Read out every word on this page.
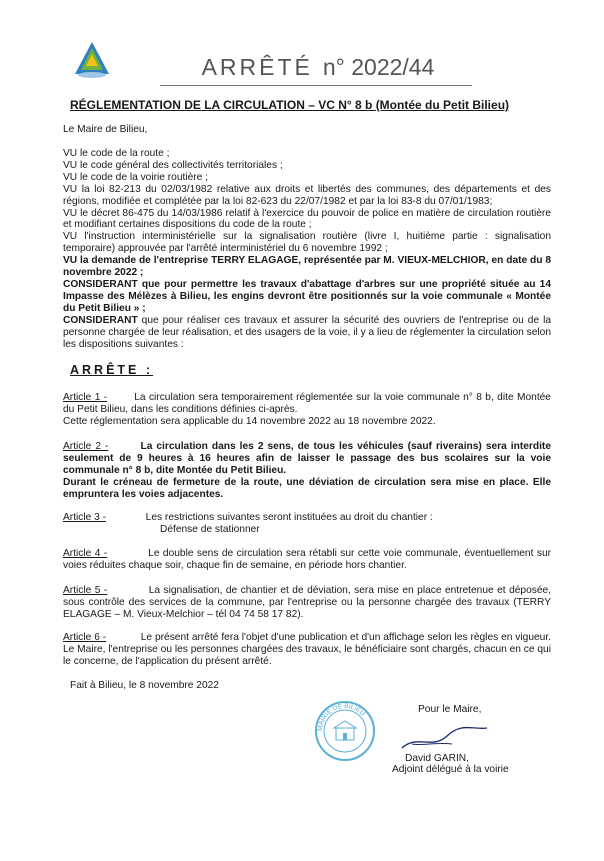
ARRÊTÉ n° 2022/44
RÉGLEMENTATION DE LA CIRCULATION – VC N° 8 b (Montée du Petit Bilieu)
Le Maire de Bilieu,
VU le code de la route ;
VU le code général des collectivités territoriales ;
VU le code de la voirie routière ;
VU la loi 82-213 du 02/03/1982 relative aux droits et libertés des communes, des départements et des régions, modifiée et complétée par la loi 82-623 du 22/07/1982 et par la loi 83-8 du 07/01/1983;
VU le décret 86-475 du 14/03/1986 relatif à l'exercice du pouvoir de police en matière de circulation routière et modifiant certaines dispositions du code de la route ;
VU l'instruction interministérielle sur la signalisation routière (livre I, huitième partie : signalisation temporaire) approuvée par l'arrêté interministériel du 6 novembre 1992 ;
VU la demande de l'entreprise TERRY ELAGAGE, représentée par M. VIEUX-MELCHIOR, en date du 8 novembre 2022 ;
CONSIDERANT que pour permettre les travaux d'abattage d'arbres sur une propriété située au 14 Impasse des Mélèzes à Bilieu, les engins devront être positionnés sur la voie communale « Montée du Petit Bilieu » ;
CONSIDERANT que pour réaliser ces travaux et assurer la sécurité des ouvriers de l'entreprise ou de la personne chargée de leur réalisation, et des usagers de la voie, il y a lieu de réglementer la circulation selon les dispositions suivantes :
ARRÊTE :
Article 1 -	La circulation sera temporairement réglementée sur la voie communale n° 8 b, dite Montée du Petit Bilieu, dans les conditions définies ci-après.
Cette réglementation sera applicable du 14 novembre 2022 au 18 novembre 2022.
Article 2 -	La circulation dans les 2 sens, de tous les véhicules (sauf riverains) sera interdite seulement de 9 heures à 16 heures afin de laisser le passage des bus scolaires sur la voie communale n° 8 b, dite Montée du Petit Bilieu.
Durant le créneau de fermeture de la route, une déviation de circulation sera mise en place. Elle empruntera les voies adjacentes.
Article 3 -	Les restrictions suivantes seront instituées au droit du chantier :
Défense de stationner
Article 4 -	Le double sens de circulation sera rétabli sur cette voie communale, éventuellement sur voies réduites chaque soir, chaque fin de semaine, en période hors chantier.
Article 5 -	La signalisation, de chantier et de déviation, sera mise en place entretenue et déposée, sous contrôle des services de la commune, par l'entreprise ou la personne chargée des travaux (TERRY ELAGAGE – M. Vieux-Melchior – tél 04 74 58 17 82).
Article 6 -	Le présent arrêté fera l'objet d'une publication et d'un affichage selon les règles en vigueur. Le Maire, l'entreprise ou les personnes chargées des travaux, le bénéficiaire sont chargés, chacun en ce qui le concerne, de l'application du présent arrêté.
Fait à Bilieu, le 8 novembre 2022
Pour le Maire,
David GARIN,
Adjoint délégué à la voirie
MAIRIE DE BILIEU
